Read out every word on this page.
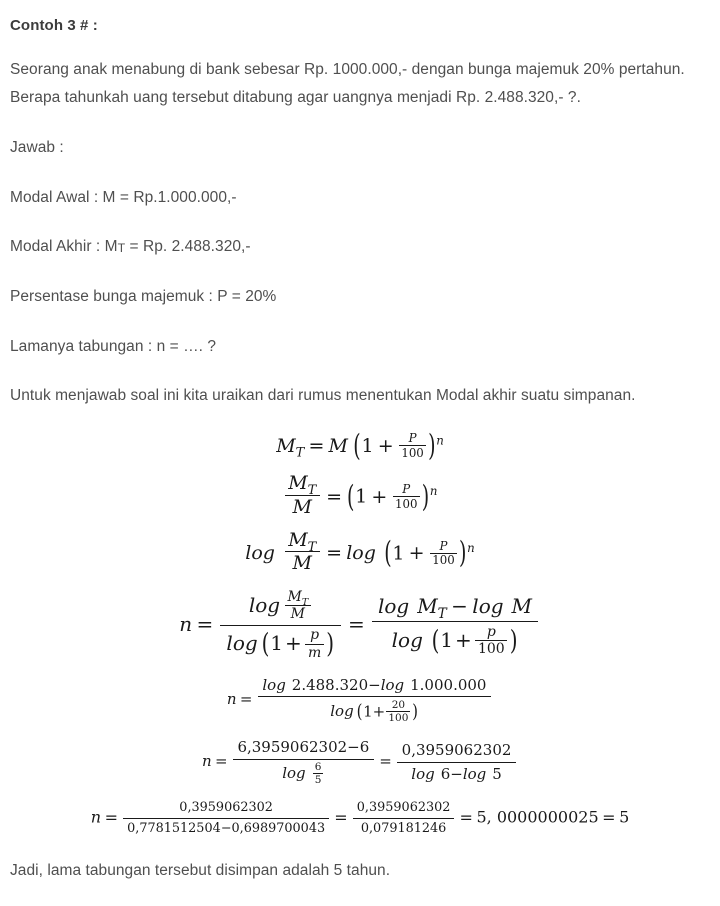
Contoh 3 # :

Seorang anak menabung di bank sebesar Rp. 1000.000,- dengan bunga majemuk 20% pertahun. Berapa tahunkah uang tersebut ditabung agar uangnya menjadi Rp. 2.488.320,- ?.

Jawab :

Modal Awal : M = Rp.1.000.000,-

Modal Akhir : MT = Rp. 2.488.320,-

Persentase bunga majemuk : P = 20%

Lamanya tabungan : n = …. ?

Untuk menjawab soal ini kita uraikan dari rumus menentukan Modal akhir suatu simpanan.

$M_T = M$ $(1 + \frac{P}{100} )^n$
$\frac{M_T}{M} = (1 + \frac{P}{100} )^n$
$\log \frac{M_T}{M} = \log (1 + \frac{P}{100} )^n$
$n = \frac{\log \frac{M_T}{M}}{\log (1 + \frac{p}{m} )} = \frac{\log M_T - \log M}{\log (1 + \frac{p}{100} )}$
$n = \frac{\log 2.488.320-\log 1.000.000}{\log (1+ \frac{20}{100} )}$
$n = \frac{6,3959062302-6}{\log \frac{6}{5}} = \frac{0,3959062302}{\log 6-\log 5}$
$n = \frac{0,3959062302}{0,7781512504-0,6989700043} = \frac{0,3959062302}{0,079181246} = 5$, 0000000025 = 5

Jadi, lama tabungan tersebut disimpan adalah 5 tahun.
